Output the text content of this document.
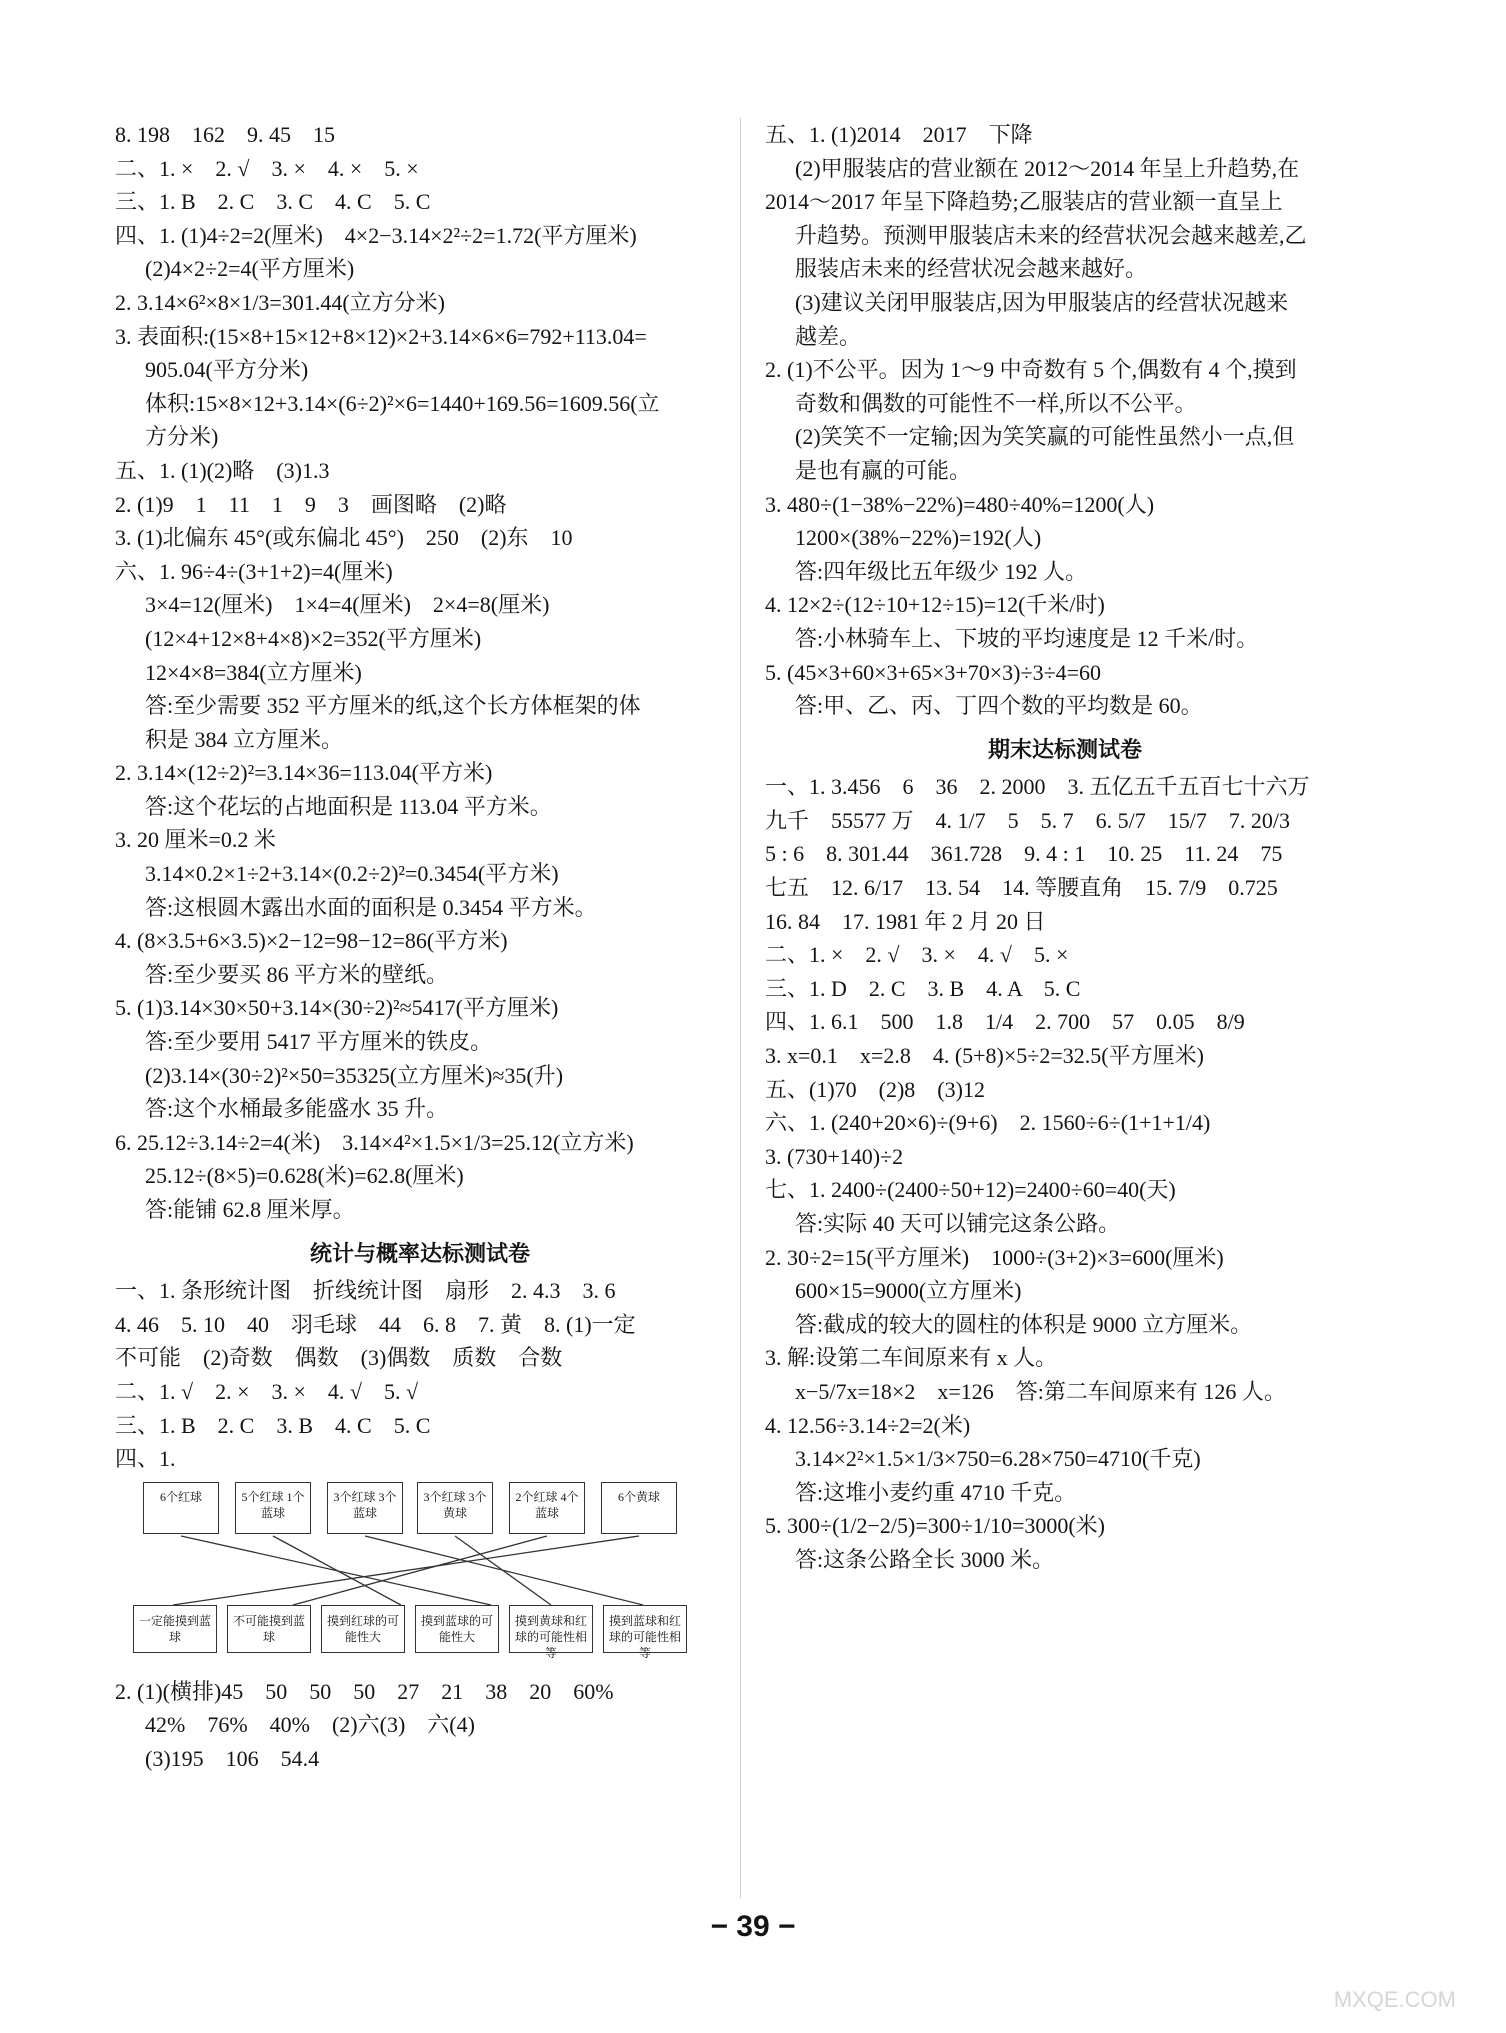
8. 198　162　9. 45　15
二、1. ×　2. √　3. ×　4. ×　5. ×
三、1. B　2. C　3. C　4. C　5. C
四、1. (1)4÷2=2(厘米)　4×2−3.14×2²÷2=1.72(平方厘米)
(2)4×2÷2=4(平方厘米)
2. 3.14×6²×8×1/3=301.44(立方分米)
3. 表面积:(15×8+15×12+8×12)×2+3.14×6×6=792+113.04=
905.04(平方分米)
体积:15×8×12+3.14×(6÷2)²×6=1440+169.56=1609.56(立
方分米)
五、1. (1)(2)略　(3)1.3
2. (1)9　1　11　1　9　3　画图略　(2)略
3. (1)北偏东 45°(或东偏北 45°)　250　(2)东　10
六、1. 96÷4÷(3+1+2)=4(厘米)
3×4=12(厘米)　1×4=4(厘米)　2×4=8(厘米)
(12×4+12×8+4×8)×2=352(平方厘米)
12×4×8=384(立方厘米)
答:至少需要 352 平方厘米的纸,这个长方体框架的体
积是 384 立方厘米。
2. 3.14×(12÷2)²=3.14×36=113.04(平方米)
答:这个花坛的占地面积是 113.04 平方米。
3. 20 厘米=0.2 米
3.14×0.2×1÷2+3.14×(0.2÷2)²=0.3454(平方米)
答:这根圆木露出水面的面积是 0.3454 平方米。
4. (8×3.5+6×3.5)×2−12=98−12=86(平方米)
答:至少要买 86 平方米的壁纸。
5. (1)3.14×30×50+3.14×(30÷2)²≈5417(平方厘米)
答:至少要用 5417 平方厘米的铁皮。
(2)3.14×(30÷2)²×50=35325(立方厘米)≈35(升)
答:这个水桶最多能盛水 35 升。
6. 25.12÷3.14÷2=4(米)　3.14×4²×1.5×1/3=25.12(立方米)
25.12÷(8×5)=0.628(米)=62.8(厘米)
答:能铺 62.8 厘米厚。
统计与概率达标测试卷
一、1. 条形统计图　折线统计图　扇形　2. 4.3　3. 6
4. 46　5. 10　40　羽毛球　44　6. 8　7. 黄　8. (1)一定
不可能　(2)奇数　偶数　(3)偶数　质数　合数
二、1. √　2. ×　3. ×　4. √　5. √
三、1. B　2. C　3. B　4. C　5. C
四、1.
6个红球	5个红球 1个蓝球
3个红球 3个蓝球
3个红球 3个黄球
2个红球 4个蓝球
6个黄球
一定能摸到蓝球
不可能摸到蓝球
摸到红球的可能性大
摸到蓝球的可能性大
摸到黄球和红球的可能性相等
摸到蓝球和红球的可能性相等
2. (1)(横排)45　50　50　50　27　21　38　20　60%
42%　76%　40%　(2)六(3)　六(4)
(3)195　106　54.4
五、1. (1)2014　2017　下降
(2)甲服装店的营业额在 2012～2014 年呈上升趋势,在
2014～2017 年呈下降趋势;乙服装店的营业额一直呈上
升趋势。预测甲服装店未来的经营状况会越来越差,乙
服装店未来的经营状况会越来越好。
(3)建议关闭甲服装店,因为甲服装店的经营状况越来
越差。
2. (1)不公平。因为 1～9 中奇数有 5 个,偶数有 4 个,摸到
奇数和偶数的可能性不一样,所以不公平。
(2)笑笑不一定输;因为笑笑赢的可能性虽然小一点,但
是也有赢的可能。
3. 480÷(1−38%−22%)=480÷40%=1200(人)
1200×(38%−22%)=192(人)
答:四年级比五年级少 192 人。
4. 12×2÷(12÷10+12÷15)=12(千米/时)
答:小林骑车上、下坡的平均速度是 12 千米/时。
5. (45×3+60×3+65×3+70×3)÷3÷4=60
答:甲、乙、丙、丁四个数的平均数是 60。
期末达标测试卷
一、1. 3.456　6　36　2. 2000　3. 五亿五千五百七十六万
九千　55577 万　4. 1/7　5　5. 7　6. 5/7　15/7　7. 20/3
5 : 6　8. 301.44　361.728　9. 4 : 1　10. 25　11. 24　75
七五　12. 6/17　13. 54　14. 等腰直角　15. 7/9　0.725
16. 84　17. 1981 年 2 月 20 日
二、1. ×　2. √　3. ×　4. √　5. ×
三、1. D　2. C　3. B　4. A　5. C
四、1. 6.1　500　1.8　1/4　2. 700　57　0.05　8/9
3. x=0.1　x=2.8　4. (5+8)×5÷2=32.5(平方厘米)
五、(1)70　(2)8　(3)12
六、1. (240+20×6)÷(9+6)　2. 1560÷6÷(1+1+1/4)
3. (730+140)÷2
七、1. 2400÷(2400÷50+12)=2400÷60=40(天)
答:实际 40 天可以铺完这条公路。
2. 30÷2=15(平方厘米)　1000÷(3+2)×3=600(厘米)
600×15=9000(立方厘米)
答:截成的较大的圆柱的体积是 9000 立方厘米。
3. 解:设第二车间原来有 x 人。
x−5/7x=18×2　x=126　答:第二车间原来有 126 人。
4. 12.56÷3.14÷2=2(米)
3.14×2²×1.5×1/3×750=6.28×750=4710(千克)
答:这堆小麦约重 4710 千克。
5. 300÷(1/2−2/5)=300÷1/10=3000(米)
答:这条公路全长 3000 米。
− 39 −
MXQE.COM
